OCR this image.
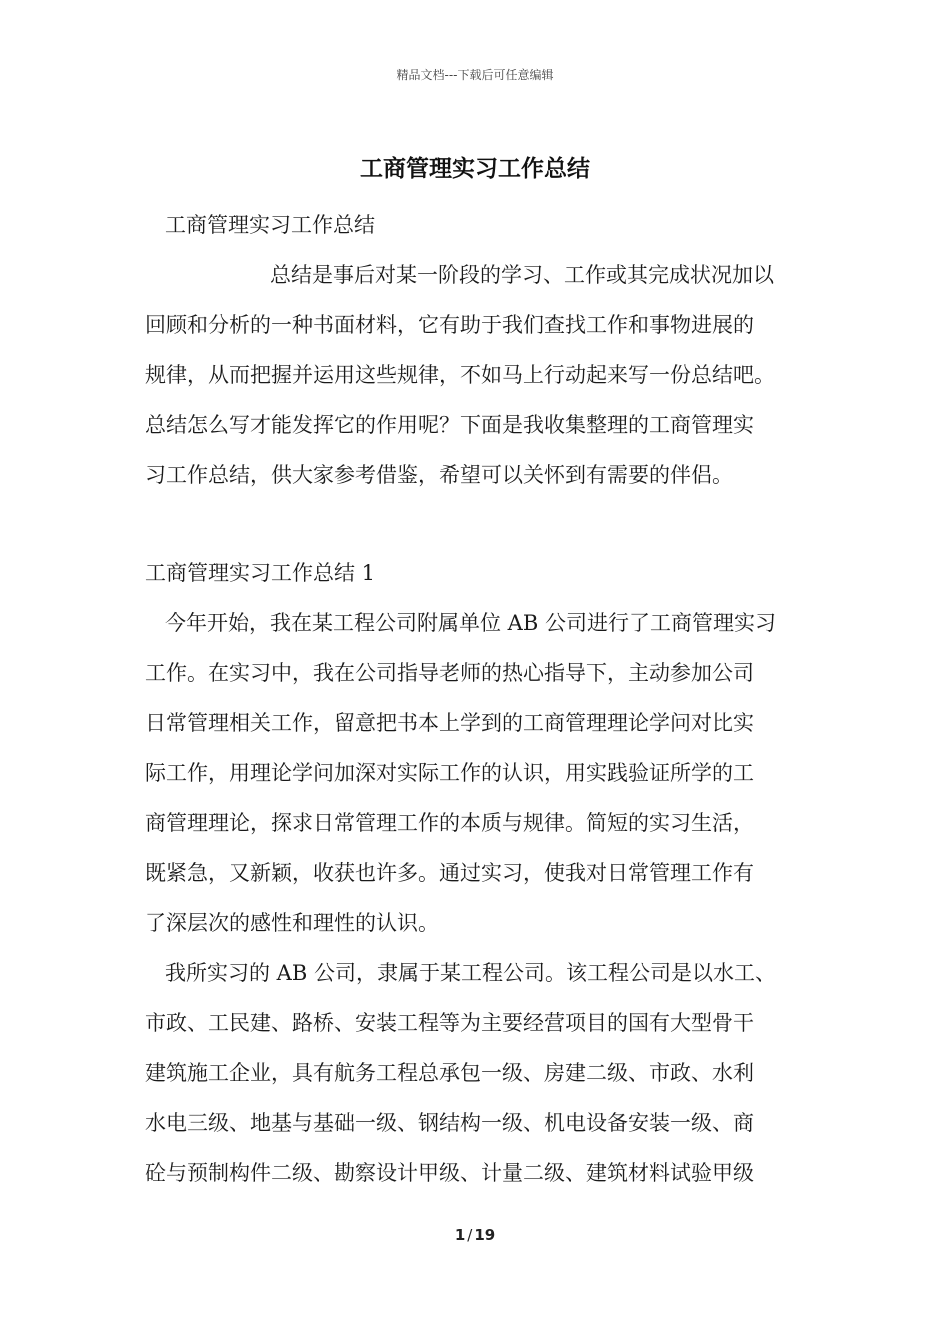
精品文档---下载后可任意编辑
工商管理实习工作总结
工商管理实习工作总结
总结是事后对某一阶段的学习、工作或其完成状况加以
回顾和分析的一种书面材料，它有助于我们查找工作和事物进展的
规律，从而把握并运用这些规律，不如马上行动起来写一份总结吧。
总结怎么写才能发挥它的作用呢？下面是我收集整理的工商管理实
习工作总结，供大家参考借鉴，希望可以关怀到有需要的伴侣。
工商管理实习工作总结 1
今年开始，我在某工程公司附属单位 AB 公司进行了工商管理实习
工作。在实习中，我在公司指导老师的热心指导下，主动参加公司
日常管理相关工作，留意把书本上学到的工商管理理论学问对比实
际工作，用理论学问加深对实际工作的认识，用实践验证所学的工
商管理理论，探求日常管理工作的本质与规律。简短的实习生活，
既紧急，又新颖，收获也许多。通过实习，使我对日常管理工作有
了深层次的感性和理性的认识。
我所实习的 AB 公司，隶属于某工程公司。该工程公司是以水工、
市政、工民建、路桥、安装工程等为主要经营项目的国有大型骨干
建筑施工企业，具有航务工程总承包一级、房建二级、市政、水利
水电三级、地基与基础一级、钢结构一级、机电设备安装一级、商
砼与预制构件二级、勘察设计甲级、计量二级、建筑材料试验甲级
1 / 19
